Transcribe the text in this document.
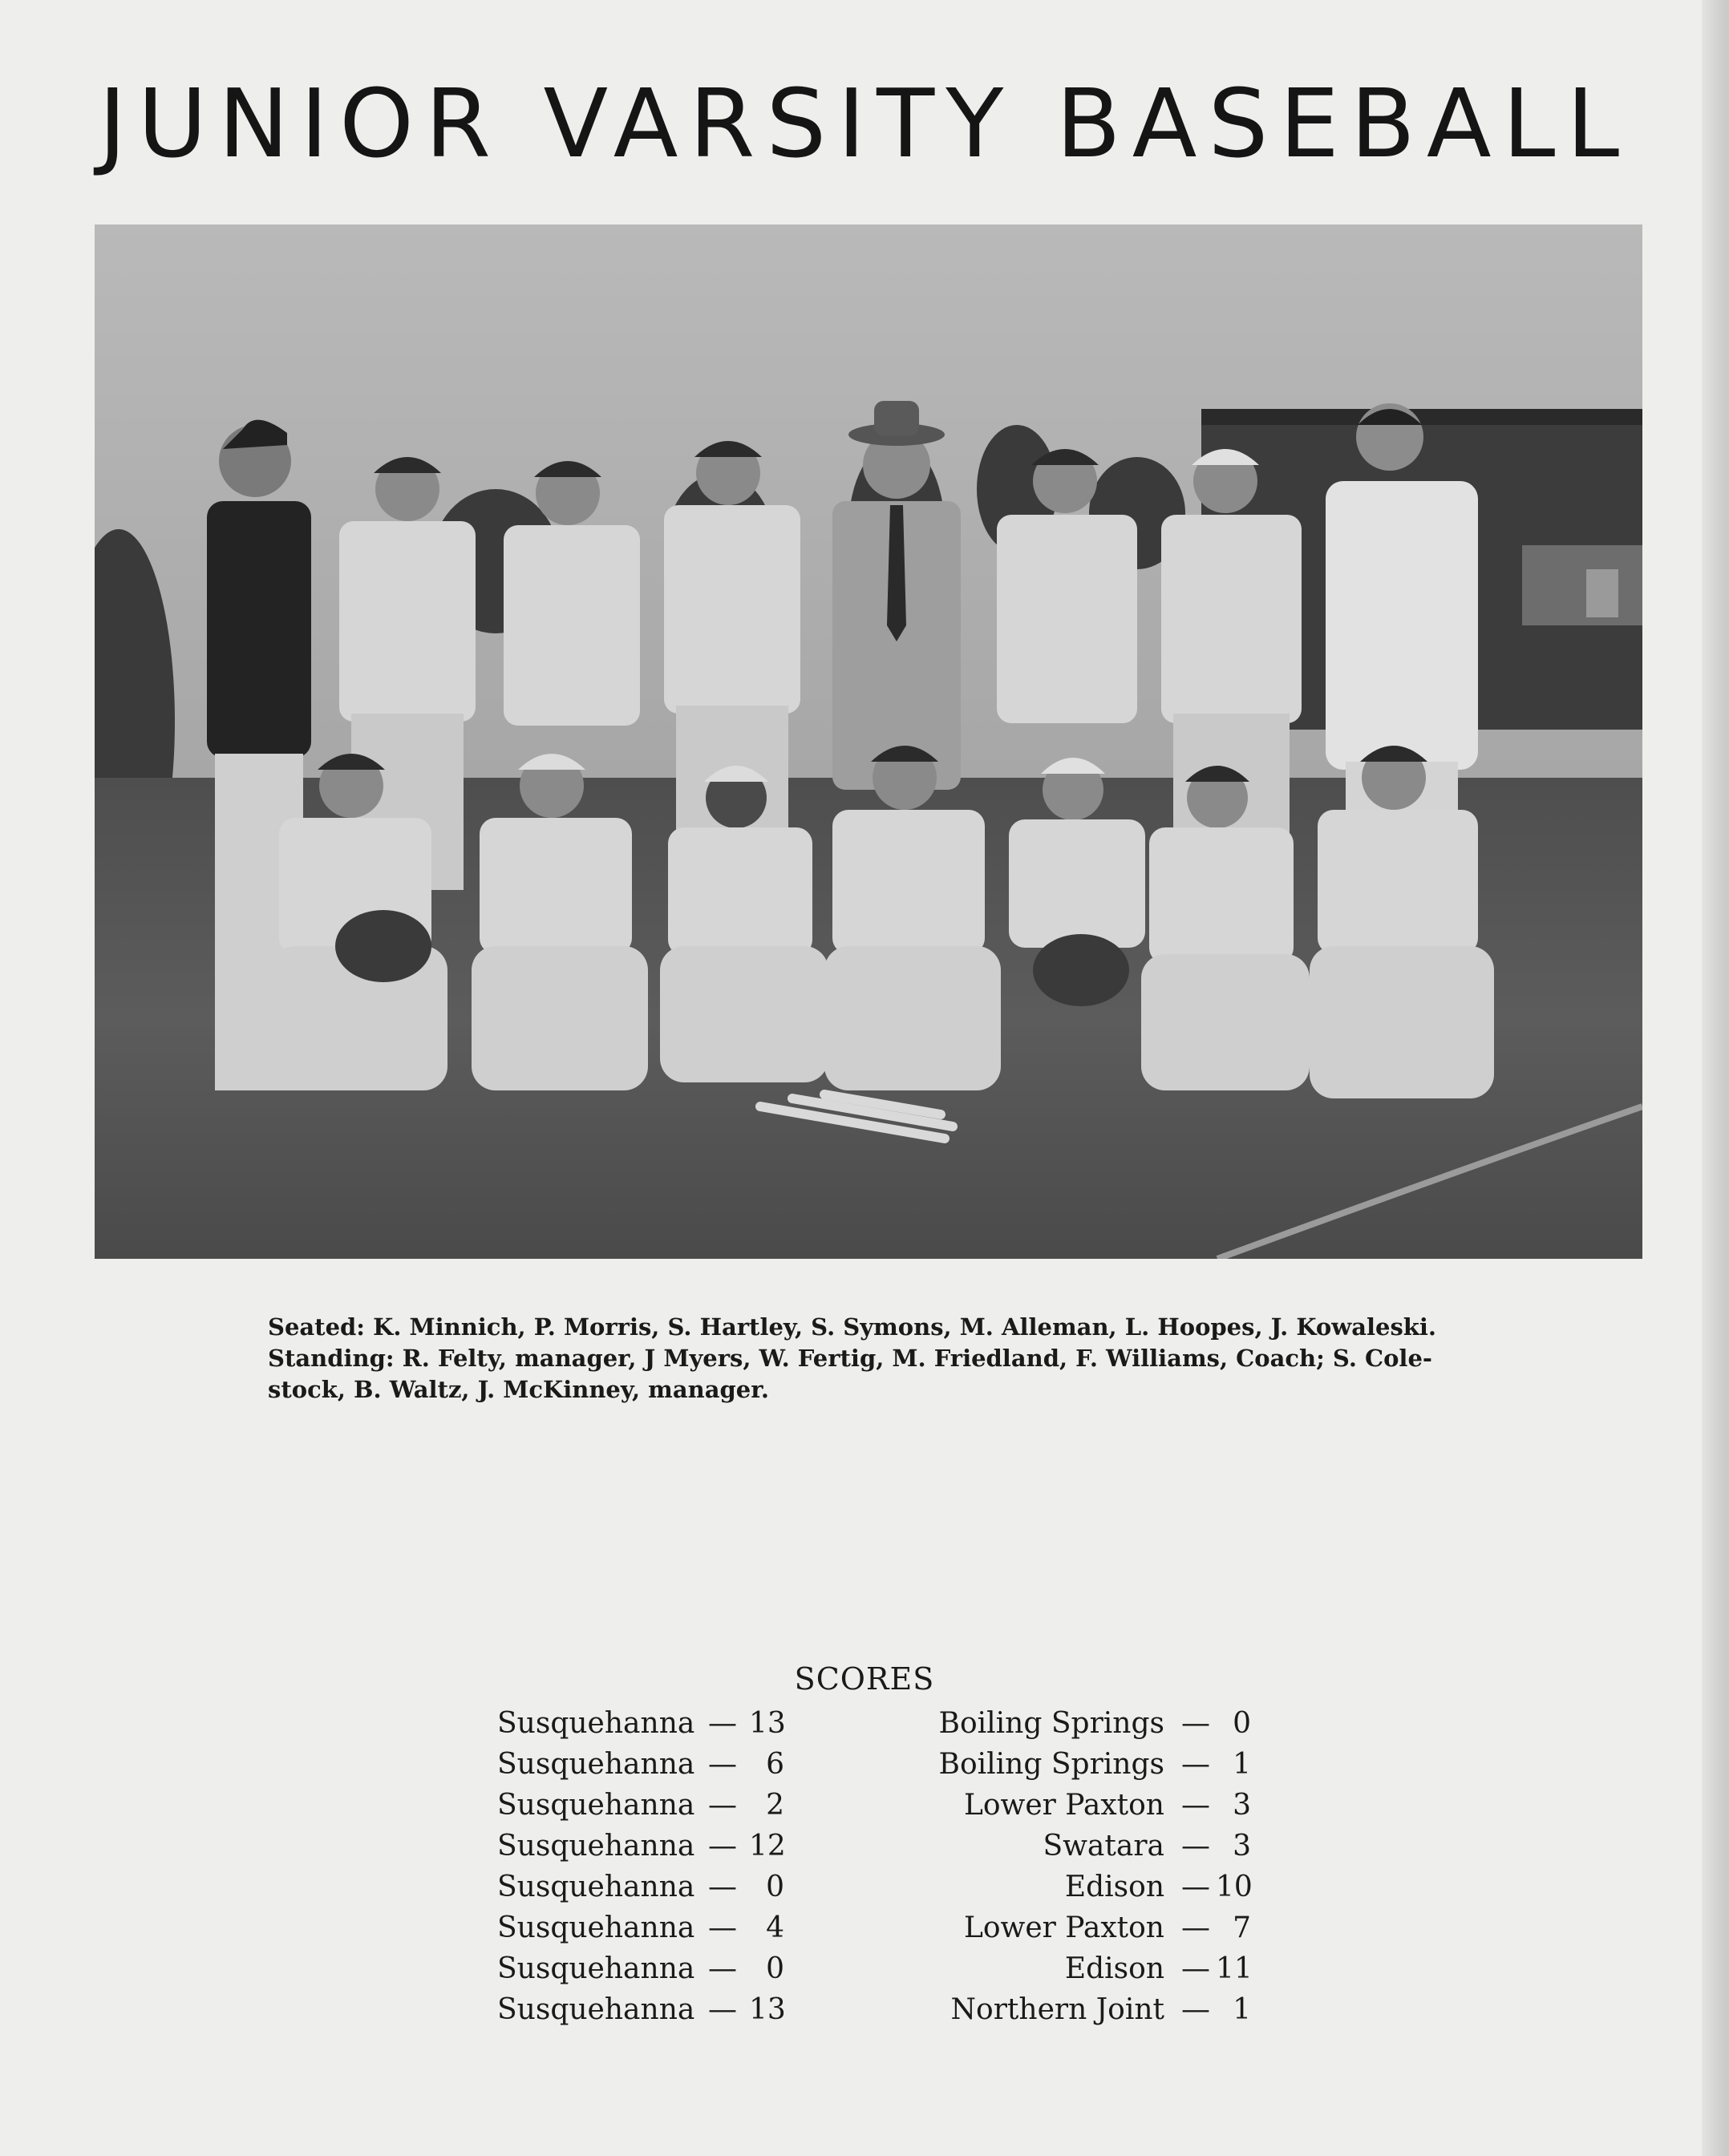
JUNIOR VARSITY BASEBALL

Seated: K. Minnich, P. Morris, S. Hartley, S. Symons, M. Alleman, L. Hoopes, J. Kowaleski.
Standing: R. Felty, manager, J Myers, W. Fertig, M. Friedland, F. Williams, Coach; S. Cole-
stock, B. Waltz, J. McKinney, manager.

SCORES
Susquehanna — 13	Boiling Springs — 0
Susquehanna —	6	Boiling Springs — 1
Susquehanna —	2	Lower Paxton — 3
Susquehanna — 12	Swatara — 3
Susquehanna —	0	Edison — 10
Susquehanna —	4	Lower Paxton — 7
Susquehanna —	0	Edison — 11
Susquehanna — 13	Northern Joint — 1
